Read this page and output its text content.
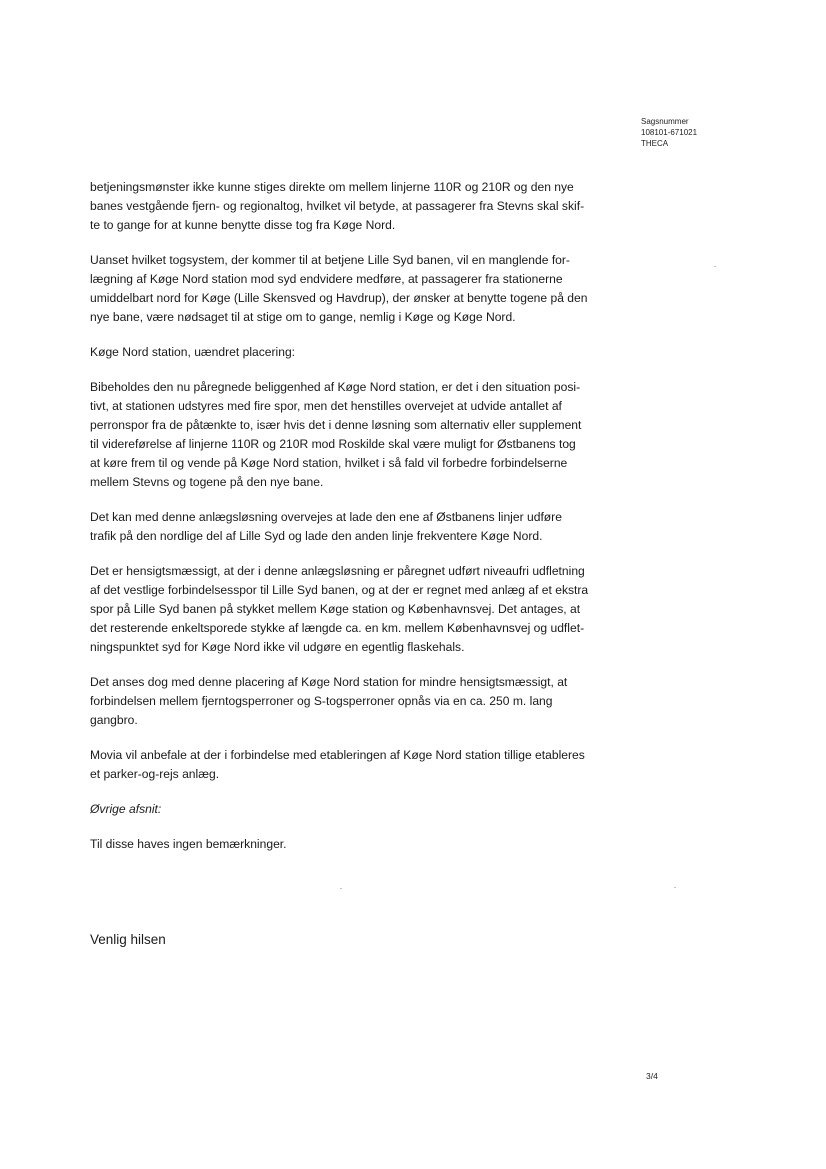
Sagsnummer
108101-671021
THECA
betjeningsmønster ikke kunne stiges direkte om mellem linjerne 110R og 210R og den nye
banes vestgående fjern- og regionaltog, hvilket vil betyde, at passagerer fra Stevns skal skif-
te to gange for at kunne benytte disse tog fra Køge Nord.
Uanset hvilket togsystem, der kommer til at betjene Lille Syd banen, vil en manglende for-
lægning af Køge Nord station mod syd endvidere medføre, at passagerer fra stationerne
umiddelbart nord for Køge (Lille Skensved og Havdrup), der ønsker at benytte togene på den
nye bane, være nødsaget til at stige om to gange, nemlig i Køge og Køge Nord.
Køge Nord station, uændret placering:
Bibeholdes den nu påregnede beliggenhed af Køge Nord station, er det i den situation posi-
tivt, at stationen udstyres med fire spor, men det henstilles overvejet at udvide antallet af
perronspor fra de påtænkte to, især hvis det i denne løsning som alternativ eller supplement
til videreførelse af linjerne 110R og 210R mod Roskilde skal være muligt for Østbanens tog
at køre frem til og vende på Køge Nord station, hvilket i så fald vil forbedre forbindelserne
mellem Stevns og togene på den nye bane.
Det kan med denne anlægsløsning overvejes at lade den ene af Østbanens linjer udføre
trafik på den nordlige del af Lille Syd og lade den anden linje frekventere Køge Nord.
Det er hensigtsmæssigt, at der i denne anlægsløsning er påregnet udført niveaufri udfletning
af det vestlige forbindelsesspor til Lille Syd banen, og at der er regnet med anlæg af et ekstra
spor på Lille Syd banen på stykket mellem Køge station og Københavnsvej. Det antages, at
det resterende enkeltsporede stykke af længde ca. en km. mellem Københavnsvej og udflet-
ningspunktet syd for Køge Nord ikke vil udgøre en egentlig flaskehals.
Det anses dog med denne placering af Køge Nord station for mindre hensigtsmæssigt, at
forbindelsen mellem fjerntogsperroner og S-togsperroner opnås via en ca. 250 m. lang
gangbro.
Movia vil anbefale at der i forbindelse med etableringen af Køge Nord station tillige etableres
et parker-og-rejs anlæg.
Øvrige afsnit:
Til disse haves ingen bemærkninger.
Venlig hilsen
3/4
